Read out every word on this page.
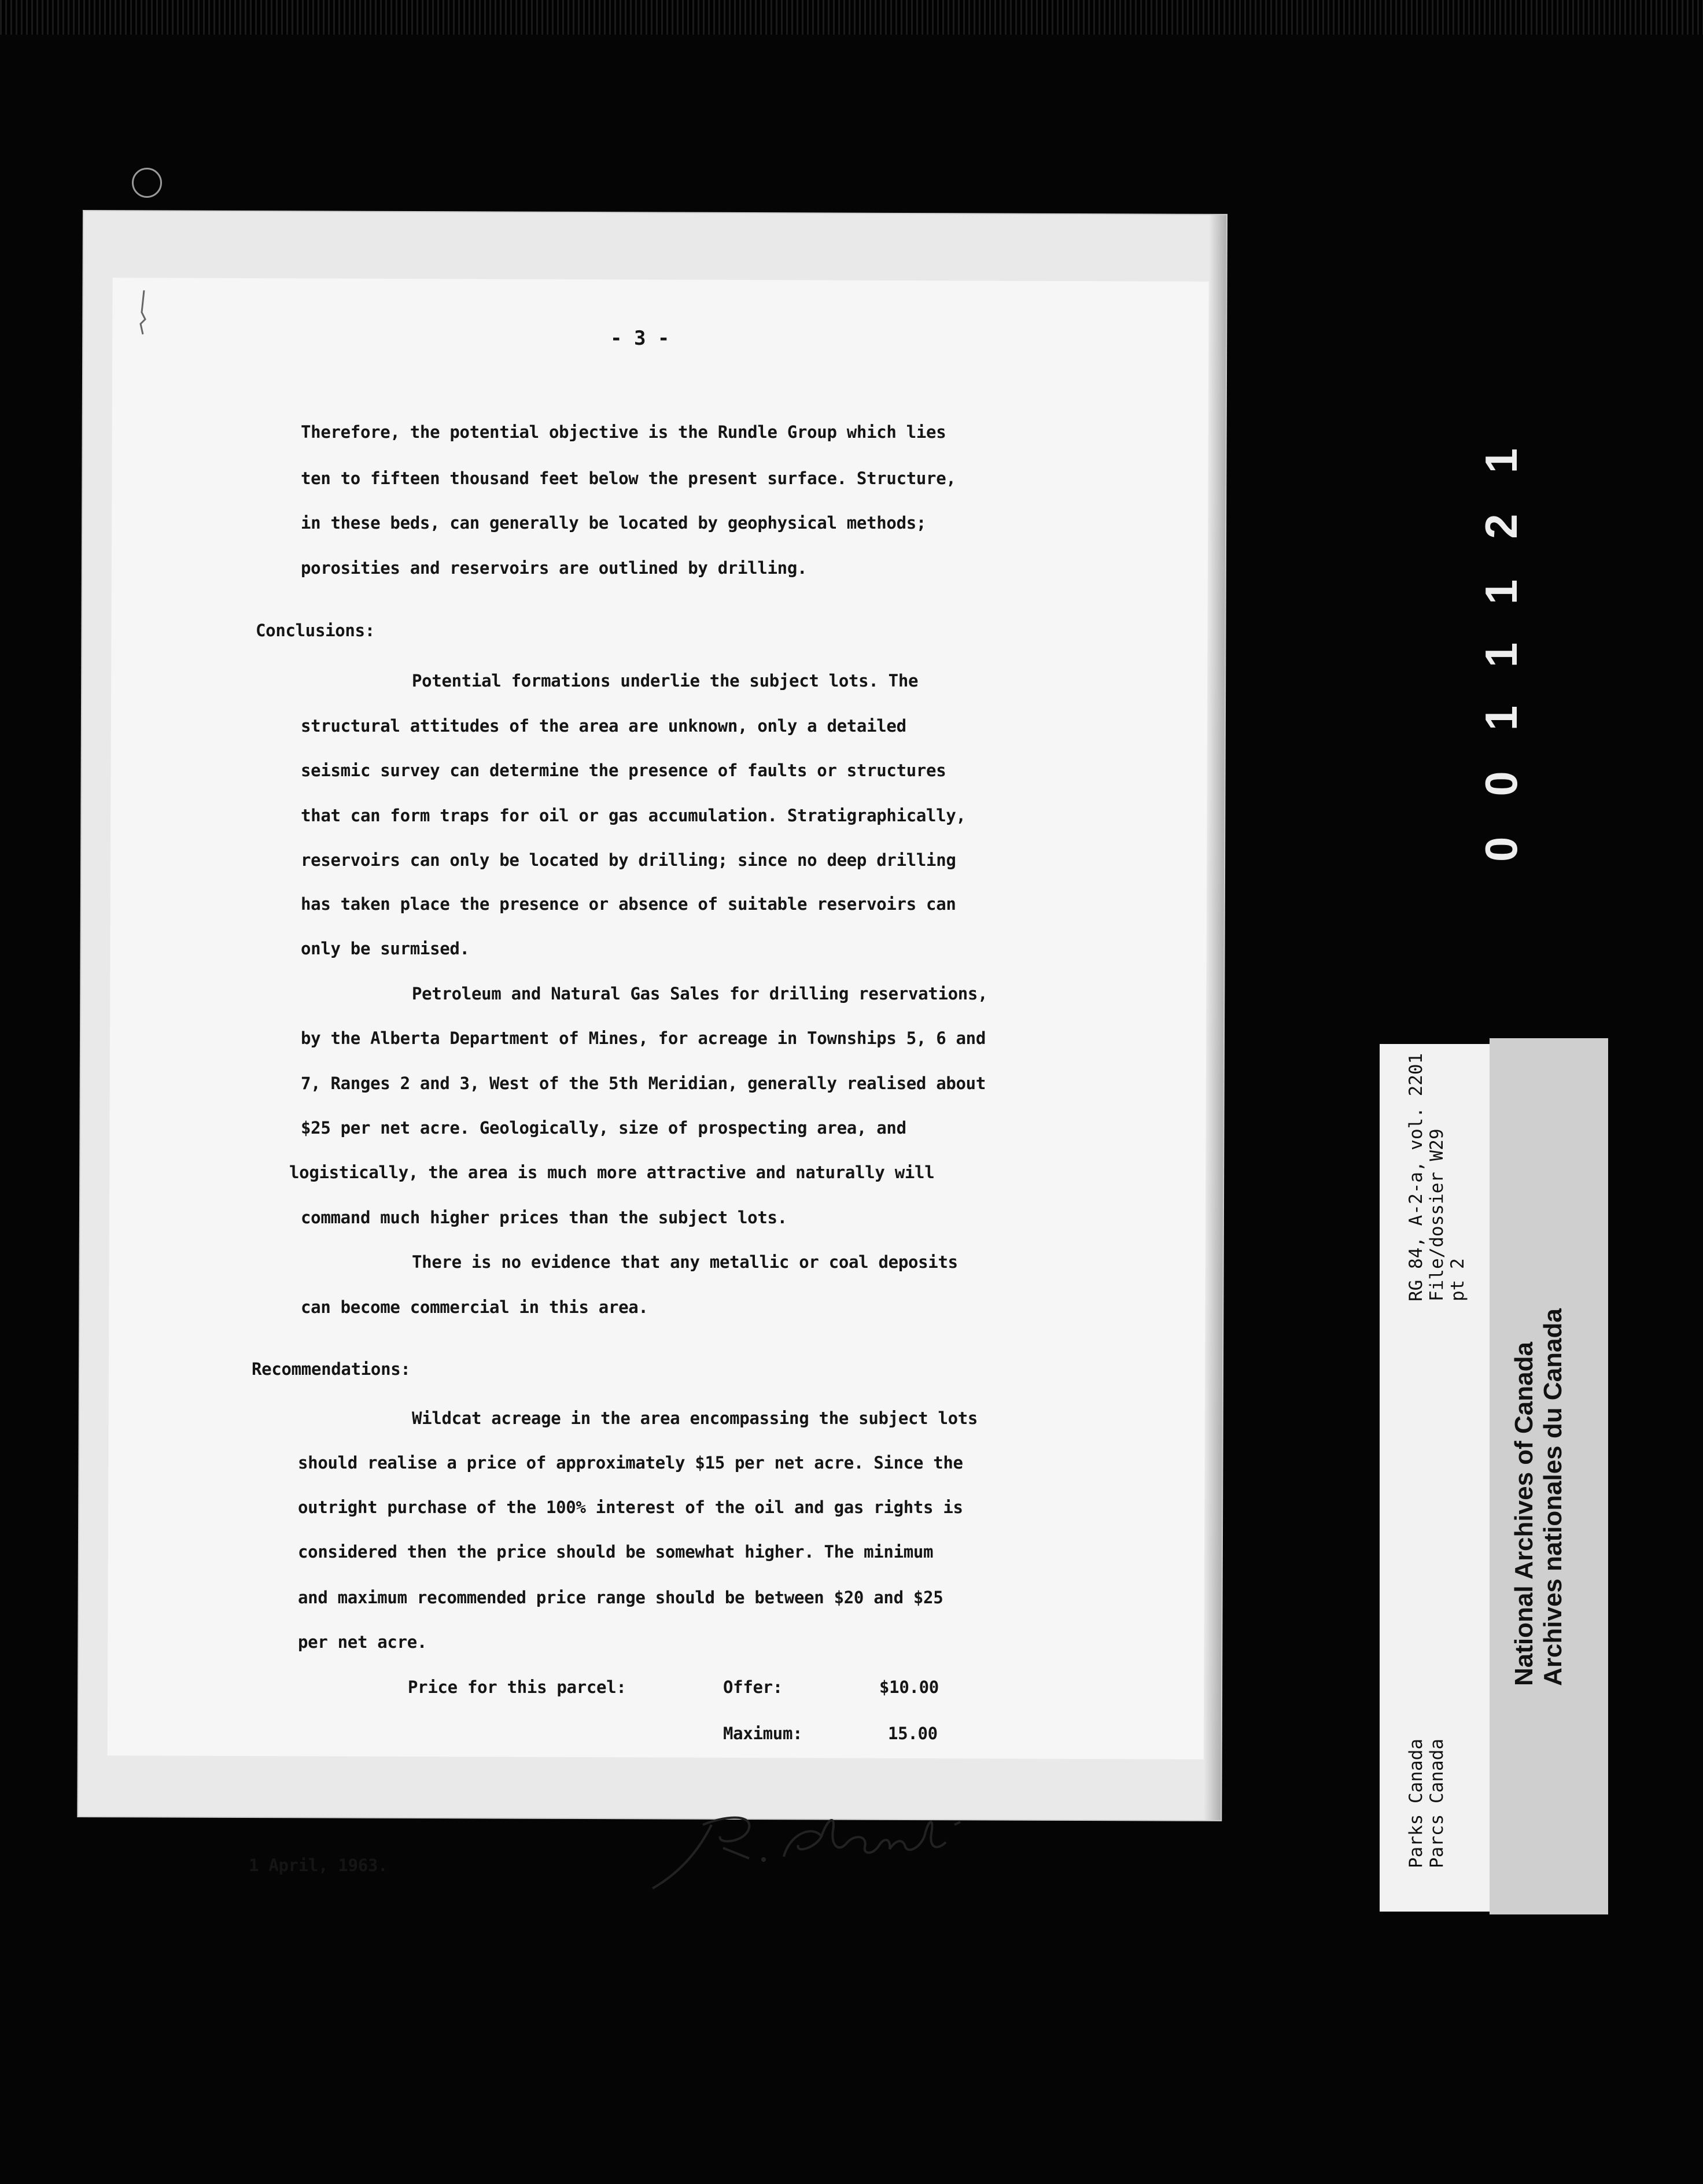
- 3 -
Therefore, the potential objective is the Rundle Group which lies
ten to fifteen thousand feet below the present surface. Structure,
in these beds, can generally be located by geophysical methods;
porosities and reservoirs are outlined by drilling.
Conclusions:
Potential formations underlie the subject lots. The
structural attitudes of the area are unknown, only a detailed
seismic survey can determine the presence of faults or structures
that can form traps for oil or gas accumulation. Stratigraphically,
reservoirs can only be located by drilling; since no deep drilling
has taken place the presence or absence of suitable reservoirs can
only be surmised.
Petroleum and Natural Gas Sales for drilling reservations,
by the Alberta Department of Mines, for acreage in Townships 5, 6 and
7, Ranges 2 and 3, West of the 5th Meridian, generally realised about
$25 per net acre. Geologically, size of prospecting area, and
logistically, the area is much more attractive and naturally will
command much higher prices than the subject lots.
There is no evidence that any metallic or coal deposits
can become commercial in this area.
Recommendations:
Wildcat acreage in the area encompassing the subject lots
should realise a price of approximately $15 per net acre. Since the
outright purchase of the 100% interest of the oil and gas rights is
considered then the price should be somewhat higher. The minimum
and maximum recommended price range should be between $20 and $25
per net acre.
Price for this parcel:	Offer:	$10.00
Maximum:	15.00
1 April, 1963.
0011121
RG 84, A-2-a, vol. 2201 File/dossier W29 pt 2
Parks Canada Parcs Canada
National Archives of Canada Archives nationales du Canada
